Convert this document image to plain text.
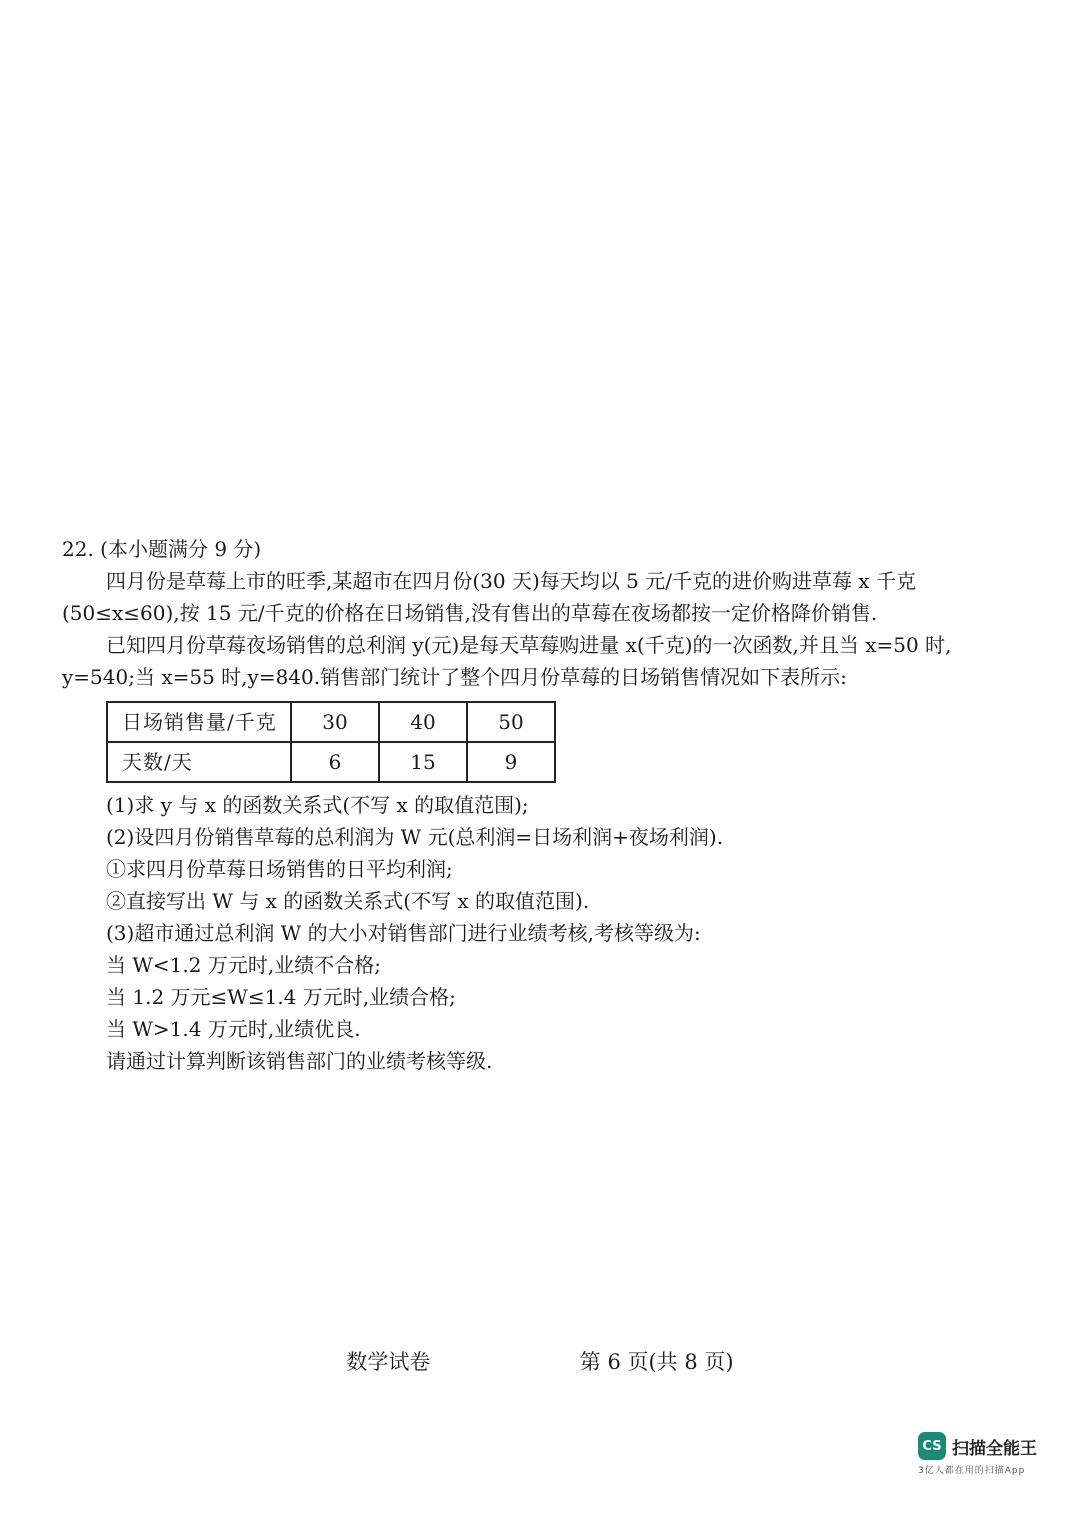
22. (本小题满分 9 分)
四月份是草莓上市的旺季,某超市在四月份(30 天)每天均以 5 元/千克的进价购进草莓 x 千克
(50≤x≤60),按 15 元/千克的价格在日场销售,没有售出的草莓在夜场都按一定价格降价销售.
已知四月份草莓夜场销售的总利润 y(元)是每天草莓购进量 x(千克)的一次函数,并且当 x=50 时,
y=540;当 x=55 时,y=840.销售部门统计了整个四月份草莓的日场销售情况如下表所示:
日场销售量/千克	30	40	50
天数/天	6	15	9
(1)求 y 与 x 的函数关系式(不写 x 的取值范围);
(2)设四月份销售草莓的总利润为 W 元(总利润=日场利润+夜场利润).
①求四月份草莓日场销售的日平均利润;
②直接写出 W 与 x 的函数关系式(不写 x 的取值范围).
(3)超市通过总利润 W 的大小对销售部门进行业绩考核,考核等级为:
当 W<1.2 万元时,业绩不合格;
当 1.2 万元≤W≤1.4 万元时,业绩合格;
当 W>1.4 万元时,业绩优良.
请通过计算判断该销售部门的业绩考核等级.
数学试卷	第 6 页(共 8 页)
CS 扫描全能王
3亿人都在用的扫描App
